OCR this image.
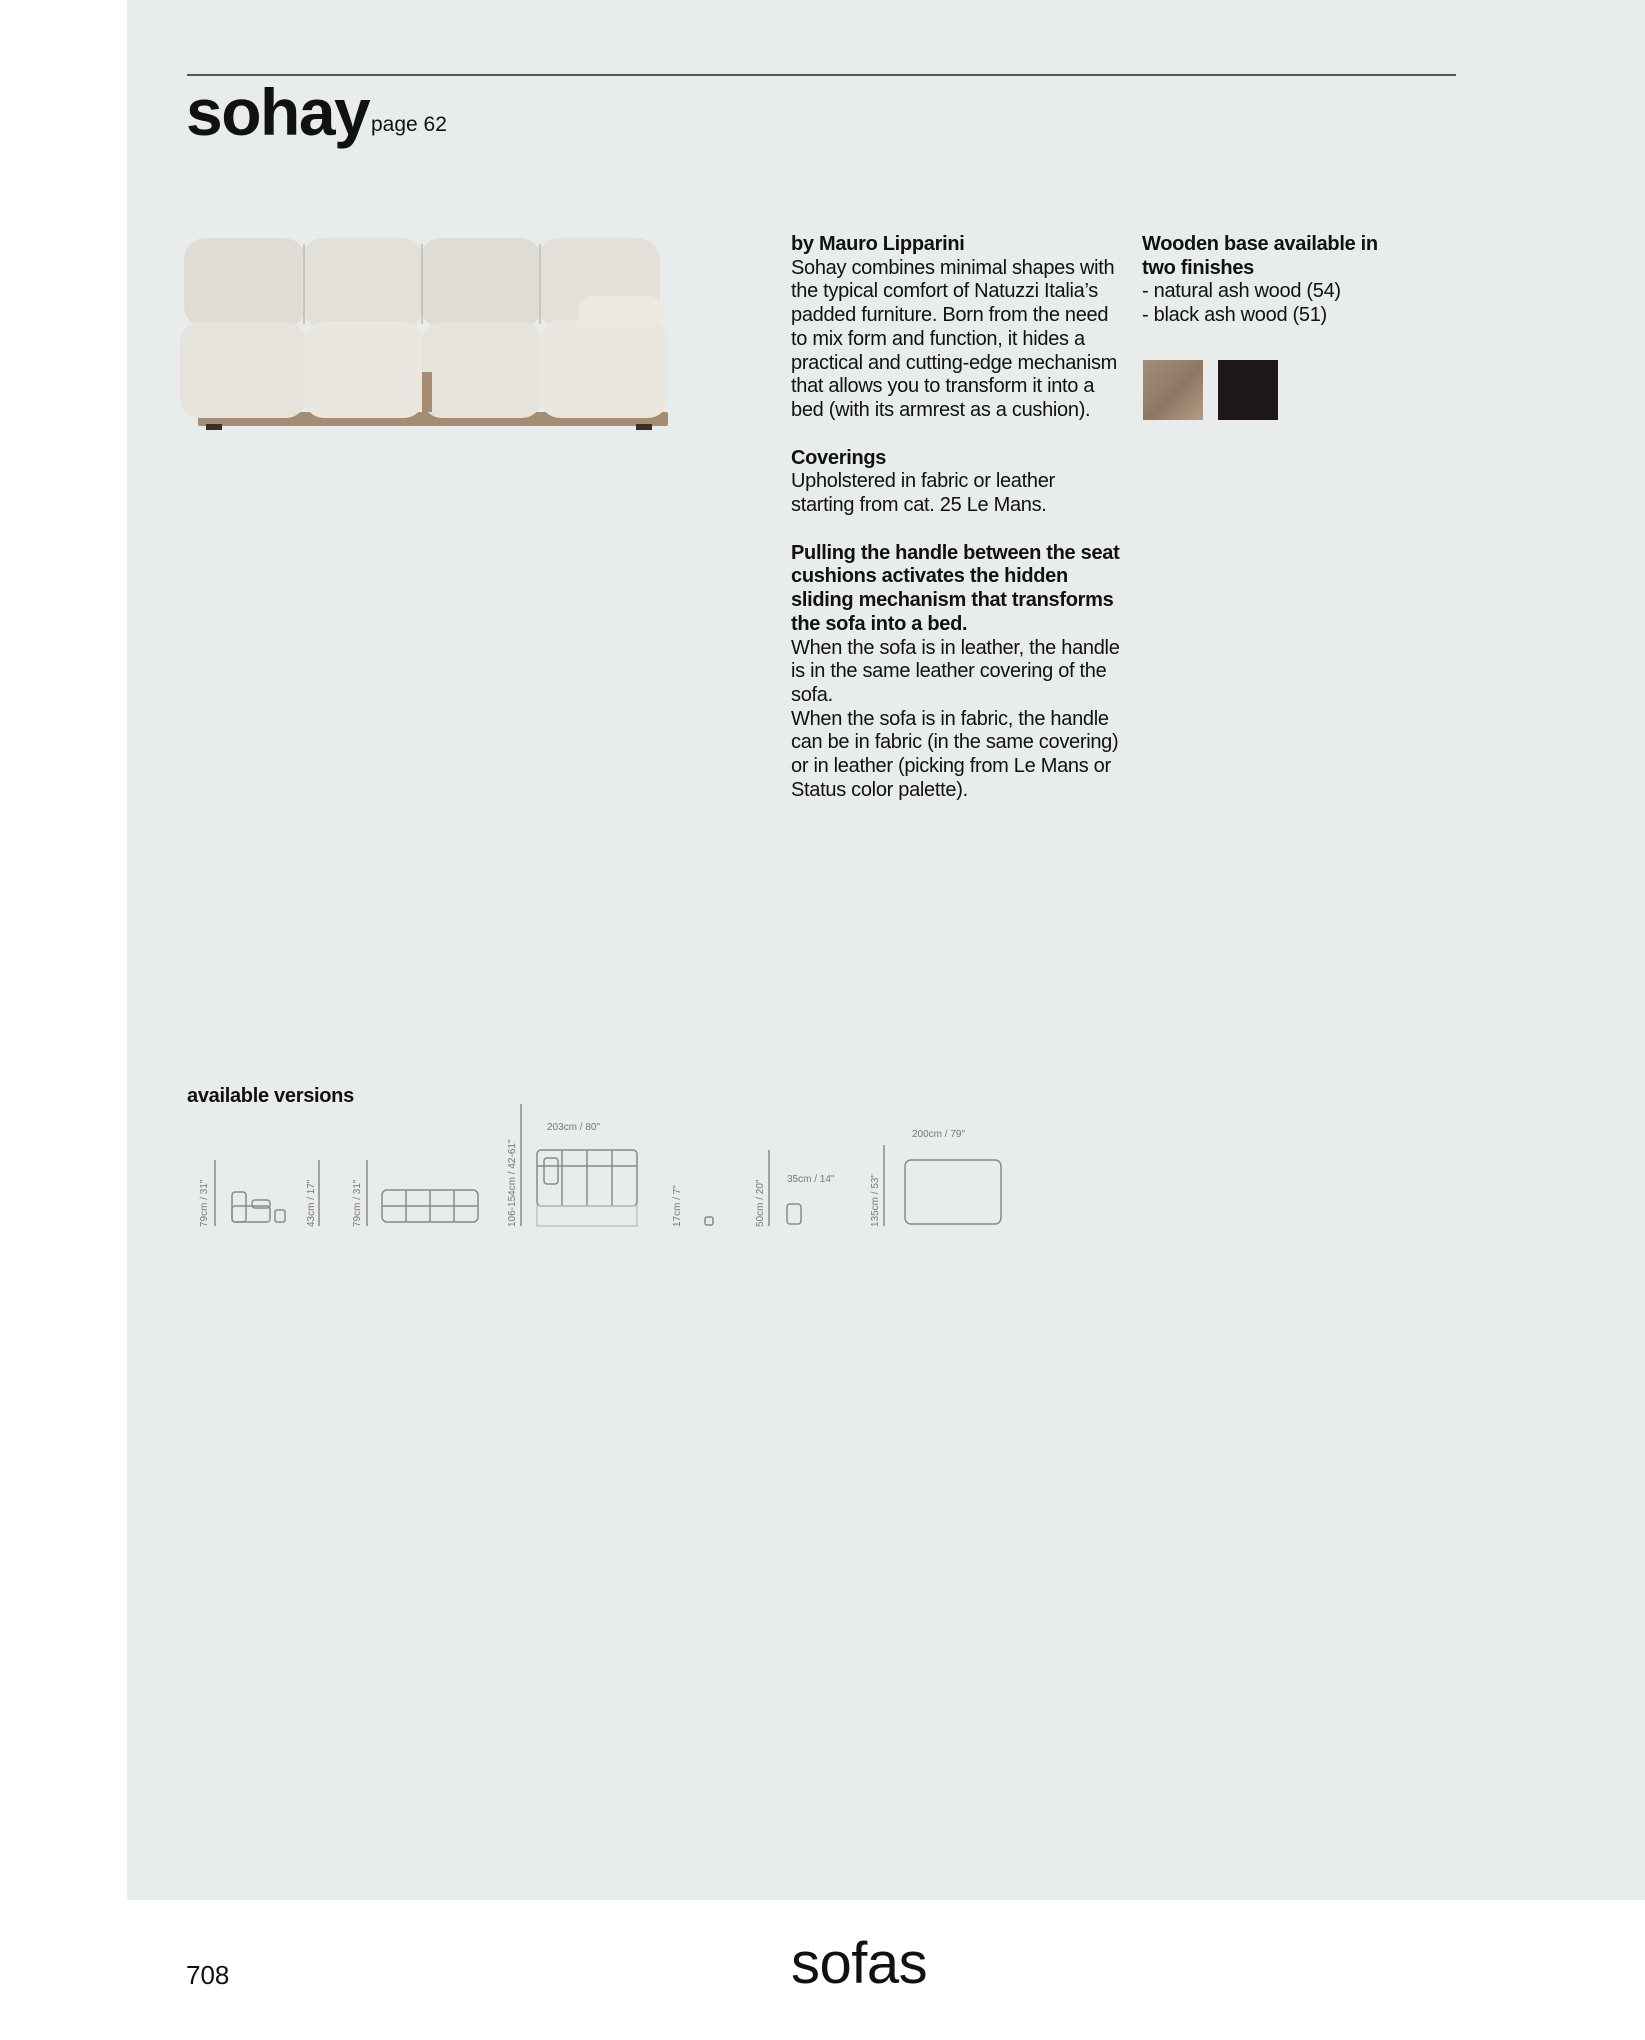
sohay page 62

by Mauro Lipparini
Sohay combines minimal shapes with the typical comfort of Natuzzi Italia’s padded furniture. Born from the need to mix form and function, it hides a practical and cutting-edge mechanism that allows you to transform it into a bed (with its armrest as a cushion).

Coverings
Upholstered in fabric or leather starting from cat. 25 Le Mans.

Pulling the handle between the seat cushions activates the hidden sliding mechanism that transforms the sofa into a bed.
When the sofa is in leather, the handle is in the same leather covering of the sofa.
When the sofa is in fabric, the handle can be in fabric (in the same covering) or in leather (picking from Le Mans or Status color palette).

Wooden base available in two finishes
- natural ash wood (54)
- black ash wood (51)
available versions
79cm / 31"	43cm / 17"	79cm / 31"	106-154cm / 42-61"
203cm / 80"
17cm / 7"	50cm / 20"
35cm / 14"	135cm / 53"
200cm / 79"
708	sofas
